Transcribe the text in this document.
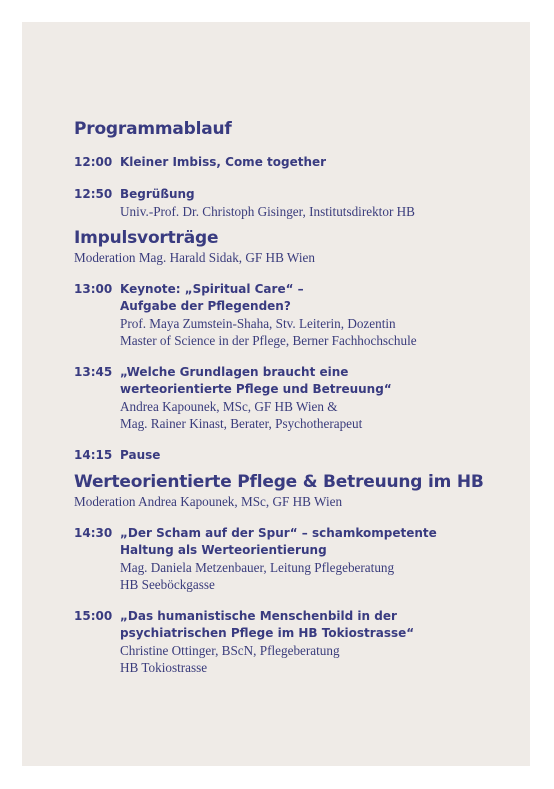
Programmablauf
12:00 Kleiner Imbiss, Come together
12:50 Begrüßung
Univ.-Prof. Dr. Christoph Gisinger, Institutsdirektor HB
Impulsvorträge
Moderation Mag. Harald Sidak, GF HB Wien
13:00 Keynote: „Spiritual Care“ –
Aufgabe der Pflegenden?
Prof. Maya Zumstein-Shaha, Stv. Leiterin, Dozentin
Master of Science in der Pflege, Berner Fachhochschule
13:45 „Welche Grundlagen braucht eine
werteorientierte Pflege und Betreuung“
Andrea Kapounek, MSc, GF HB Wien &
Mag. Rainer Kinast, Berater, Psychotherapeut
14:15 Pause
Werteorientierte Pflege & Betreuung im HB
Moderation Andrea Kapounek, MSc, GF HB Wien
14:30 „Der Scham auf der Spur“ – schamkompetente
Haltung als Werteorientierung
Mag. Daniela Metzenbauer, Leitung Pflegeberatung
HB Seeböckgasse
15:00 „Das humanistische Menschenbild in der
psychiatrischen Pflege im HB Tokiostrasse“
Christine Ottinger, BScN, Pflegeberatung
HB Tokiostrasse
